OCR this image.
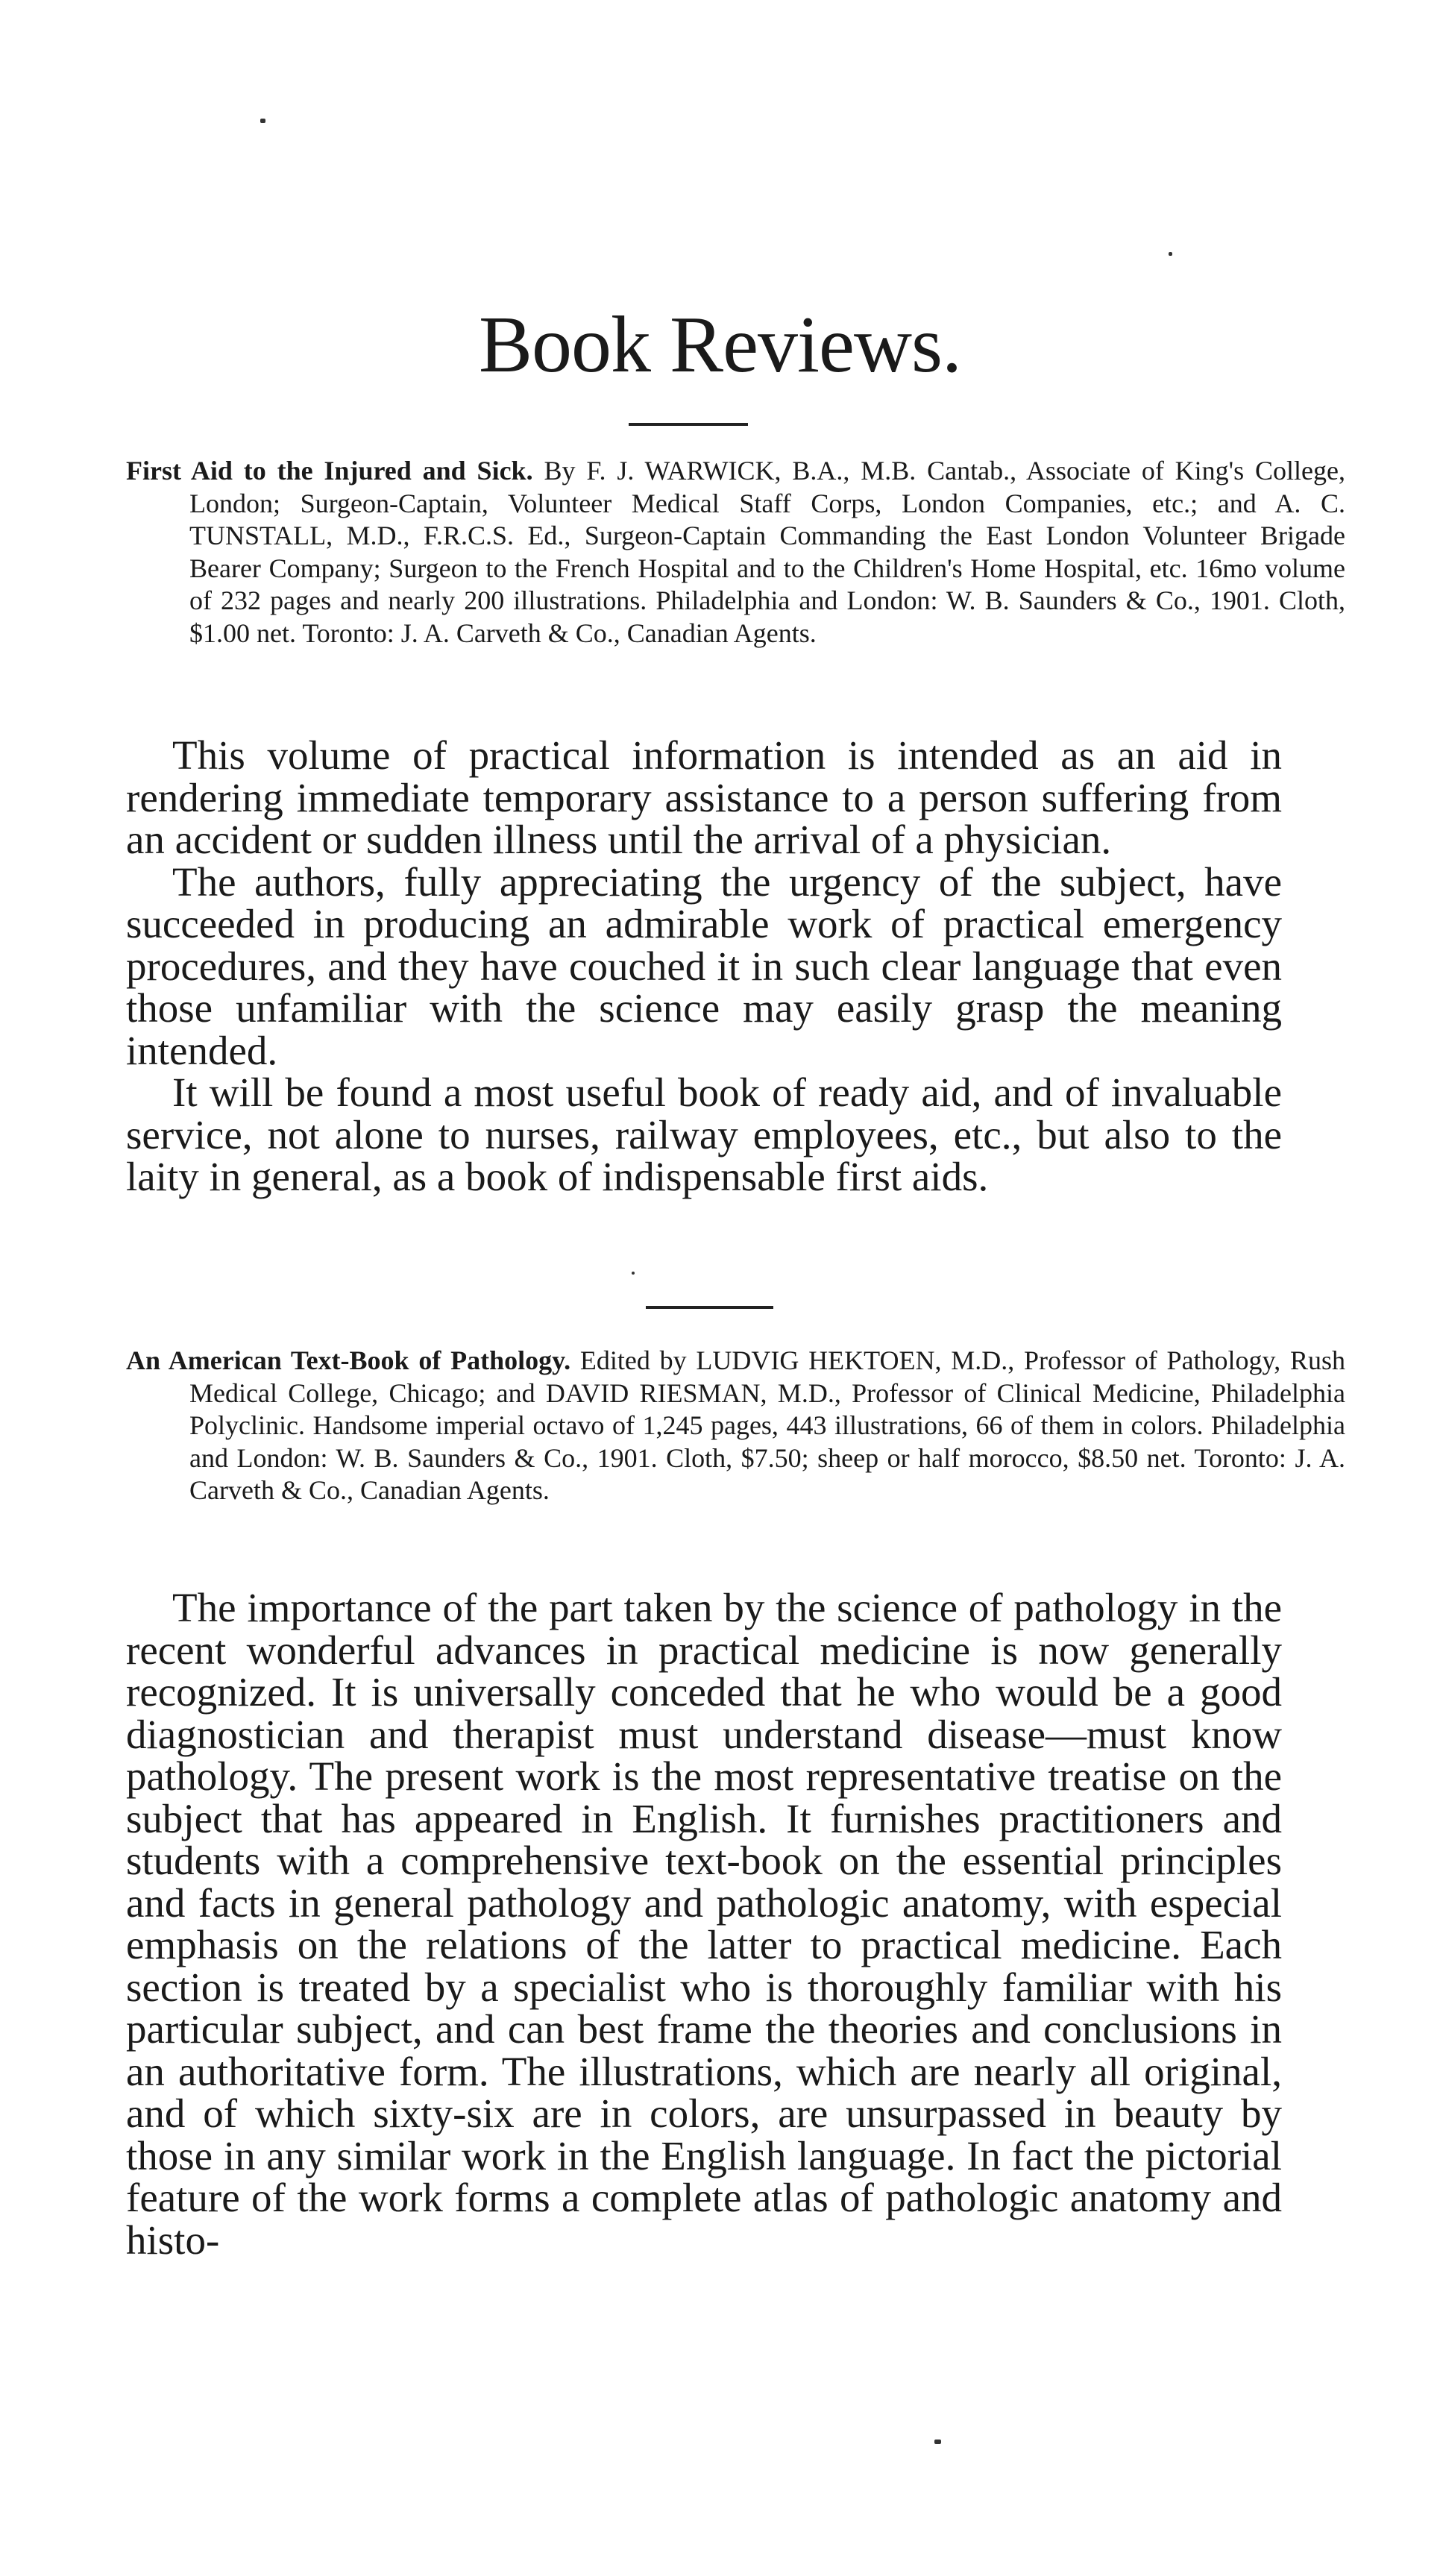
Book Reviews.
First Aid to the Injured and Sick. By F. J. WARWICK, B.A., M.B. Cantab., Associate of King's College, London; Surgeon-Captain, Volunteer Medical Staff Corps, London Companies, etc.; and A. C. TUNSTALL, M.D., F.R.C.S. Ed., Surgeon-Captain Commanding the East London Volunteer Brigade Bearer Company; Surgeon to the French Hospital and to the Children's Home Hospital, etc. 16mo volume of 232 pages and nearly 200 illustrations. Philadelphia and London: W. B. Saunders & Co., 1901. Cloth, $1.00 net. Toronto: J. A. Carveth & Co., Canadian Agents.

This volume of practical information is intended as an aid in rendering immediate temporary assistance to a person suffering from an accident or sudden illness until the arrival of a physician.

The authors, fully appreciating the urgency of the subject, have succeeded in producing an admirable work of practical emergency procedures, and they have couched it in such clear language that even those unfamiliar with the science may easily grasp the meaning intended.

It will be found a most useful book of ready aid, and of invaluable service, not alone to nurses, railway employees, etc., but also to the laity in general, as a book of indispensable first aids.

An American Text-Book of Pathology. Edited by LUDVIG HEKTOEN, M.D., Professor of Pathology, Rush Medical College, Chicago; and DAVID RIESMAN, M.D., Professor of Clinical Medicine, Philadelphia Polyclinic. Handsome imperial octavo of 1,245 pages, 443 illustrations, 66 of them in colors. Philadelphia and London: W. B. Saunders & Co., 1901. Cloth, $7.50; sheep or half morocco, $8.50 net. Toronto: J. A. Carveth & Co., Canadian Agents.

The importance of the part taken by the science of pathology in the recent wonderful advances in practical medicine is now generally recognized. It is universally conceded that he who would be a good diagnostician and therapist must understand disease—must know pathology. The present work is the most representative treatise on the subject that has appeared in English. It furnishes practitioners and students with a comprehensive text-book on the essential principles and facts in general pathology and pathologic anatomy, with especial emphasis on the relations of the latter to practical medicine. Each section is treated by a specialist who is thoroughly familiar with his particular subject, and can best frame the theories and conclusions in an authoritative form. The illustrations, which are nearly all original, and of which sixty-six are in colors, are unsurpassed in beauty by those in any similar work in the English language. In fact the pictorial feature of the work forms a complete atlas of pathologic anatomy and histo-
